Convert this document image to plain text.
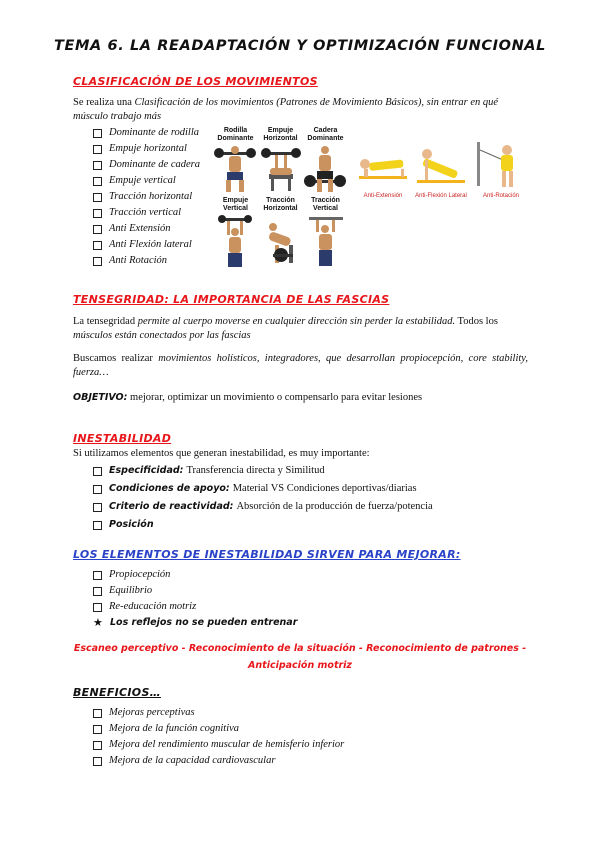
TEMA 6. LA READAPTACIÓN Y OPTIMIZACIÓN FUNCIONAL
CLASIFICACIÓN DE LOS MOVIMIENTOS
Se realiza una Clasificación de los movimientos (Patrones de Movimiento Básicos), sin entrar en qué músculo trabajo más
Dominante de rodilla
Empuje horizontal
Dominante de cadera
Empuje vertical
Tracción horizontal
Tracción vertical
Anti Extensión
Anti Flexión lateral
Anti Rotación
Rodilla Dominante
Empuje Horizontal
Cadera Dominante
Empuje Vertical
Tracción Horizontal
Tracción Vertical
Anti-Extensión	Anti-Flexión Lateral	Anti-Rotación
TENSEGRIDAD: LA IMPORTANCIA DE LAS FASCIAS
La tensegridad permite al cuerpo moverse en cualquier dirección sin perder la estabilidad. Todos los músculos están conectados por las fascias
Buscamos realizar movimientos holísticos, integradores, que desarrollan propiocepción, core stability, fuerza…
OBJETIVO: mejorar, optimizar un movimiento o compensarlo para evitar lesiones
INESTABILIDAD
Si utilizamos elementos que generan inestabilidad, es muy importante:
Especificidad: Transferencia directa y Similitud
Condiciones de apoyo: Material VS Condiciones deportivas/diarias
Criterio de reactividad: Absorción de la producción de fuerza/potencia
Posición
LOS ELEMENTOS DE INESTABILIDAD SIRVEN PARA MEJORAR:
Propiocepción
Equilibrio
Re-educación motriz
★ Los reflejos no se pueden entrenar
Escaneo perceptivo - Reconocimiento de la situación - Reconocimiento de patrones -
Anticipación motriz
BENEFICIOS…
Mejoras perceptivas
Mejora de la función cognitiva
Mejora del rendimiento muscular de hemisferio inferior
Mejora de la capacidad cardiovascular
